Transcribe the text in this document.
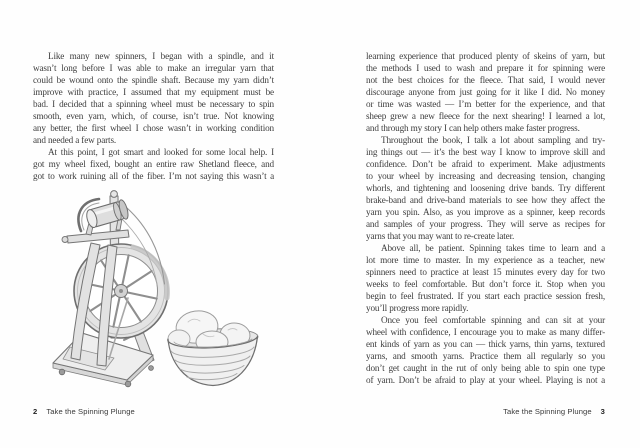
Like many new spinners, I began with a spindle, and it
wasn’t long before I was able to make an irregular yarn that
could be wound onto the spindle shaft. Because my yarn didn’t
improve with practice, I assumed that my equipment must be
bad. I decided that a spinning wheel must be necessary to spin
smooth, even yarn, which, of course, isn’t true. Not knowing
any better, the first wheel I chose wasn’t in working condition
and needed a few parts.
At this point, I got smart and looked for some local help. I
got my wheel fixed, bought an entire raw Shetland fleece, and
got to work ruining all of the fiber. I’m not saying this wasn’t a
learning experience that produced plenty of skeins of yarn, but
the methods I used to wash and prepare it for spinning were
not the best choices for the fleece. That said, I would never
discourage anyone from just going for it like I did. No money
or time was wasted — I’m better for the experience, and that
sheep grew a new fleece for the next shearing! I learned a lot,
and through my story I can help others make faster progress.
Throughout the book, I talk a lot about sampling and try-
ing things out — it’s the best way I know to improve skill and
confidence. Don’t be afraid to experiment. Make adjustments
to your wheel by increasing and decreasing tension, changing
whorls, and tightening and loosening drive bands. Try different
brake-band and drive-band materials to see how they affect the
yarn you spin. Also, as you improve as a spinner, keep records
and samples of your progress. They will serve as recipes for
yarns that you may want to re-create later.
Above all, be patient. Spinning takes time to learn and a
lot more time to master. In my experience as a teacher, new
spinners need to practice at least 15 minutes every day for two
weeks to feel comfortable. But don’t force it. Stop when you
begin to feel frustrated. If you start each practice session fresh,
you’ll progress more rapidly.
Once you feel comfortable spinning and can sit at your
wheel with confidence, I encourage you to make as many differ-
ent kinds of yarn as you can — thick yarns, thin yarns, textured
yarns, and smooth yarns. Practice them all regularly so you
don’t get caught in the rut of only being able to spin one type
of yarn. Don’t be afraid to play at your wheel. Playing is not a
2 Take the Spinning Plunge	Take the Spinning Plunge 3
